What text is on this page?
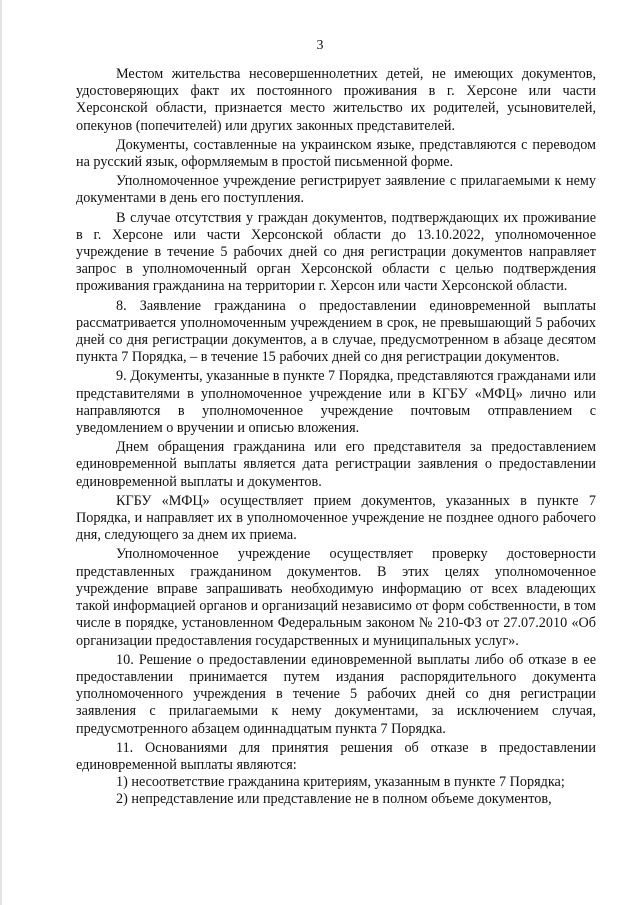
3

Местом жительства несовершеннолетних детей, не имеющих документов, удостоверяющих факт их постоянного проживания в г. Херсоне или части Херсонской области, признается место жительство их родителей, усыновителей, опекунов (попечителей) или других законных представителей.

Документы, составленные на украинском языке, представляются с переводом на русский язык, оформляемым в простой письменной форме.

Уполномоченное учреждение регистрирует заявление с прилагаемыми к нему документами в день его поступления.

В случае отсутствия у граждан документов, подтверждающих их проживание в г. Херсоне или части Херсонской области до 13.10.2022, уполномоченное учреждение в течение 5 рабочих дней со дня регистрации документов направляет запрос в уполномоченный орган Херсонской области с целью подтверждения проживания гражданина на территории г. Херсон или части Херсонской области.

8. Заявление гражданина о предоставлении единовременной выплаты рассматривается уполномоченным учреждением в срок, не превышающий 5 рабочих дней со дня регистрации документов, а в случае, предусмотренном в абзаце десятом пункта 7 Порядка, – в течение 15 рабочих дней со дня регистрации документов.

9. Документы, указанные в пункте 7 Порядка, представляются гражданами или представителями в уполномоченное учреждение или в КГБУ «МФЦ» лично или направляются в уполномоченное учреждение почтовым отправлением с уведомлением о вручении и описью вложения.

Днем обращения гражданина или его представителя за предоставлением единовременной выплаты является дата регистрации заявления о предоставлении единовременной выплаты и документов.

КГБУ «МФЦ» осуществляет прием документов, указанных в пункте 7 Порядка, и направляет их в уполномоченное учреждение не позднее одного рабочего дня, следующего за днем их приема.

Уполномоченное учреждение осуществляет проверку достоверности представленных гражданином документов. В этих целях уполномоченное учреждение вправе запрашивать необходимую информацию от всех владеющих такой информацией органов и организаций независимо от форм собственности, в том числе в порядке, установленном Федеральным законом № 210-ФЗ от 27.07.2010 «Об организации предоставления государственных и муниципальных услуг».

10. Решение о предоставлении единовременной выплаты либо об отказе в ее предоставлении принимается путем издания распорядительного документа уполномоченного учреждения в течение 5 рабочих дней со дня регистрации заявления с прилагаемыми к нему документами, за исключением случая, предусмотренного абзацем одиннадцатым пункта 7 Порядка.

11. Основаниями для принятия решения об отказе в предоставлении единовременной выплаты являются:

1) несоответствие гражданина критериям, указанным в пункте 7 Порядка;

2) непредставление или представление не в полном объеме документов,
